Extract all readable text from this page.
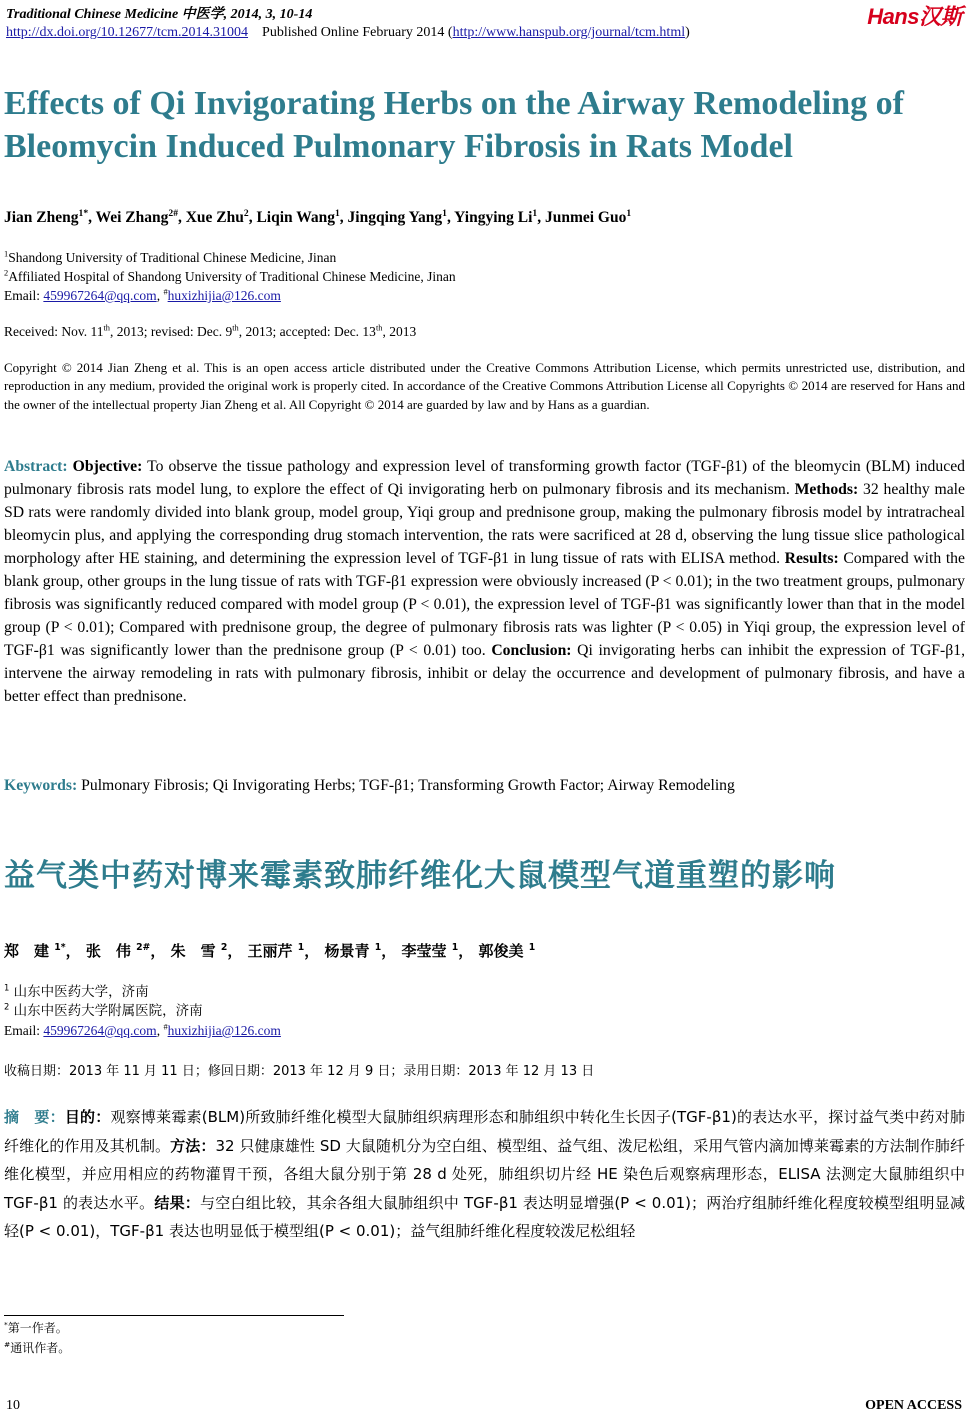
Traditional Chinese Medicine 中医学, 2014, 3, 10-14
http://dx.doi.org/10.12677/tcm.2014.31004 Published Online February 2014 (http://www.hanspub.org/journal/tcm.html)
Hans汉斯
Effects of Qi Invigorating Herbs on the Airway Remodeling of Bleomycin Induced Pulmonary Fibrosis in Rats Model
Jian Zheng$^{1*}$, Wei Zhang$^{2\#}$, Xue Zhu$^2$, Liqin Wang$^1$, Jingqing Yang$^1$, Yingying Li$^1$, Junmei Guo$^1$
$^1$Shandong University of Traditional Chinese Medicine, Jinan
$^2$Affiliated Hospital of Shandong University of Traditional Chinese Medicine, Jinan
Email: 459967264@qq.com, #huxizhijia@126.com
Received: Nov. 11th, 2013; revised: Dec. 9th, 2013; accepted: Dec. 13th, 2013
Copyright © 2014 Jian Zheng et al. This is an open access article distributed under the Creative Commons Attribution License, which permits unrestricted use, distribution, and reproduction in any medium, provided the original work is properly cited. In accordance of the Creative Commons Attribution License all Copyrights © 2014 are reserved for Hans and the owner of the intellectual property Jian Zheng et al. All Copyright © 2014 are guarded by law and by Hans as a guardian.
Abstract: Objective: To observe the tissue pathology and expression level of transforming growth factor (TGF-β1) of the bleomycin (BLM) induced pulmonary fibrosis rats model lung, to explore the effect of Qi invigorating herb on pulmonary fibrosis and its mechanism. Methods: 32 healthy male SD rats were randomly divided into blank group, model group, Yiqi group and prednisone group, making the pulmonary fibrosis model by intratracheal bleomycin plus, and applying the corresponding drug stomach intervention, the rats were sacrificed at 28 d, observing the lung tissue slice pathological morphology after HE staining, and determining the expression level of TGF-β1 in lung tissue of rats with ELISA method. Results: Compared with the blank group, other groups in the lung tissue of rats with TGF-β1 expression were obviously increased (P < 0.01); in the two treatment groups, pulmonary fibrosis was significantly reduced compared with model group (P < 0.01), the expression level of TGF-β1 was significantly lower than that in the model group (P < 0.01); Compared with prednisone group, the degree of pulmonary fibrosis rats was lighter (P < 0.05) in Yiqi group, the expression level of TGF-β1 was significantly lower than the prednisone group (P < 0.01) too. Conclusion: Qi invigorating herbs can inhibit the expression of TGF-β1, intervene the airway remodeling in rats with pulmonary fibrosis, inhibit or delay the occurrence and development of pulmonary fibrosis, and have a better effect than prednisone.
Keywords: Pulmonary Fibrosis; Qi Invigorating Herbs; TGF-β1; Transforming Growth Factor; Airway Remodeling
益气类中药对博来霉素致肺纤维化大鼠模型气道重塑的影响
郑　建 $^{1*}$， 张　伟 $^{2\#}$， 朱　雪 $^2$， 王丽芹 $^1$， 杨景青 $^1$， 李莹莹 $^1$， 郭俊美 $^1$
$^1$ 山东中医药大学，济南
$^2$ 山东中医药大学附属医院，济南
Email: 459967264@qq.com, #huxizhijia@126.com
收稿日期：2013 年 11 月 11 日；修回日期：2013 年 12 月 9 日；录用日期：2013 年 12 月 13 日
摘　要：目的：观察博莱霉素(BLM)所致肺纤维化模型大鼠肺组织病理形态和肺组织中转化生长因子(TGF-β1)的表达水平，探讨益气类中药对肺纤维化的作用及其机制。方法：32 只健康雄性 SD 大鼠随机分为空白组、模型组、益气组、泼尼松组，采用气管内滴加博莱霉素的方法制作肺纤维化模型，并应用相应的药物灌胃干预，各组大鼠分别于第 28 d 处死，肺组织切片经 HE 染色后观察病理形态，ELISA 法测定大鼠肺组织中 TGF-β1 的表达水平。结果：与空白组比较，其余各组大鼠肺组织中 TGF-β1 表达明显增强(P < 0.01)；两治疗组肺纤维化程度较模型组明显减轻(P < 0.01)，TGF-β1 表达也明显低于模型组(P < 0.01)；益气组肺纤维化程度较泼尼松组轻
*第一作者。
#通讯作者。
10	OPEN ACCESS
